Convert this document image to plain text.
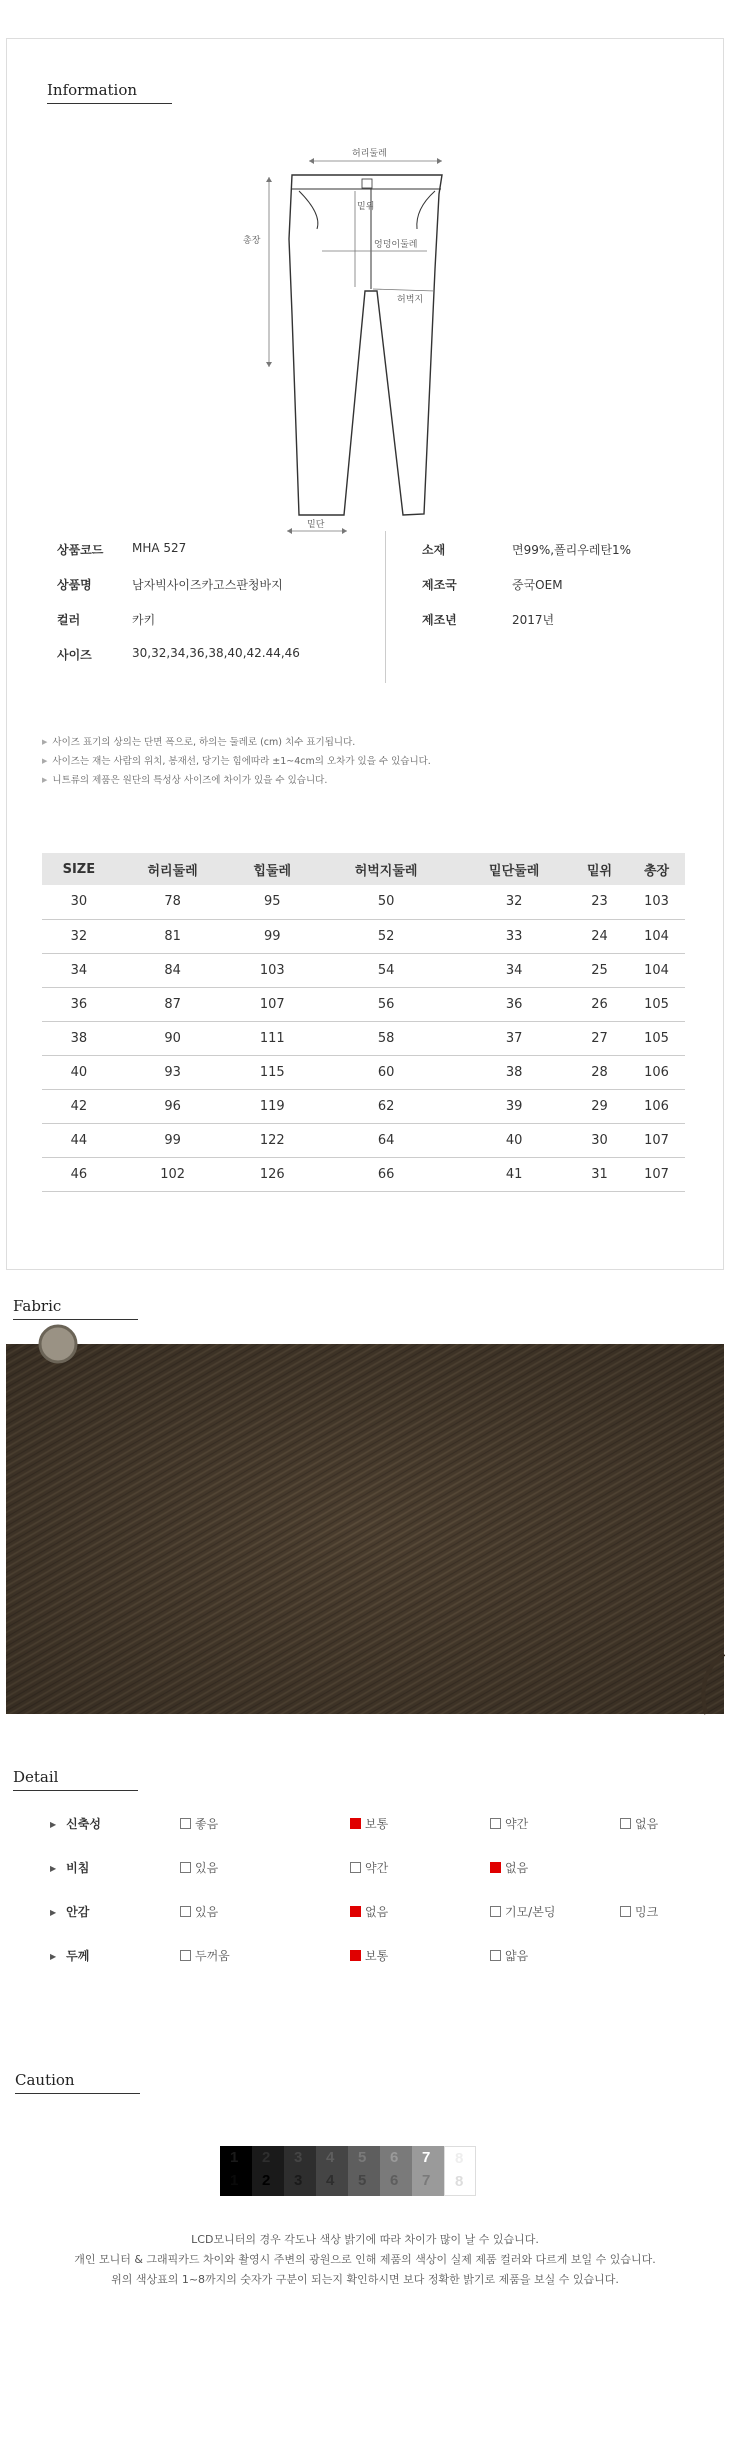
Information
허리둘레
총장
밑위
엉덩이둘레
허벅지
밑단
상품코드 MHA 527
상품명	남자빅사이즈카고스판청바지
컬러	카키
사이즈	30,32,34,36,38,40,42.44,46
소재	면99%,폴리우레탄1%
제조국	중국OEM
제조년	2017년
▶ 사이즈 표기의 상의는 단면 폭으로, 하의는 둘레로 (cm) 치수 표기됩니다.
▶ 사이즈는 재는 사람의 위치, 봉재선, 당기는 힘에따라 ±1~4cm의 오차가 있을 수 있습니다.
▶ 니트류의 제품은 원단의 특성상 사이즈에 차이가 있을 수 있습니다.
SIZE	허리둘레	힙둘레	허벅지둘레	밑단둘레	밑위	총장
30	78	95	50	32	23	103
32	81	99	52	33	24	104
34	84	103	54	34	25	104
36	87	107	56	36	26	105
38	90	111	58	37	27	105
40	93	115	60	38	28	106
42	96	119	62	39	29	106
44	99	122	64	40	30	107
46	102	126	66	41	31	107
Fabric
Detail
▶ 신축성	좋음	보통	약간	없음
▶ 비침	있음	약간	없음
▶ 안감	있음	없음	기모/본딩	밍크
▶ 두께	두꺼움	보통	얇음
Caution
1
1
2
2
3
3
4
4
5
5
6
6
7
7
8
8
LCD모니터의 경우 각도나 색상 밝기에 따라 차이가 많이 날 수 있습니다.
개인 모니터 & 그래픽카드 차이와 촬영시 주변의 광원으로 인해 제품의 색상이 실제 제품 컬러와 다르게 보일 수 있습니다.
위의 색상표의 1~8까지의 숫자가 구분이 되는지 확인하시면 보다 정확한 밝기로 제품을 보실 수 있습니다.
